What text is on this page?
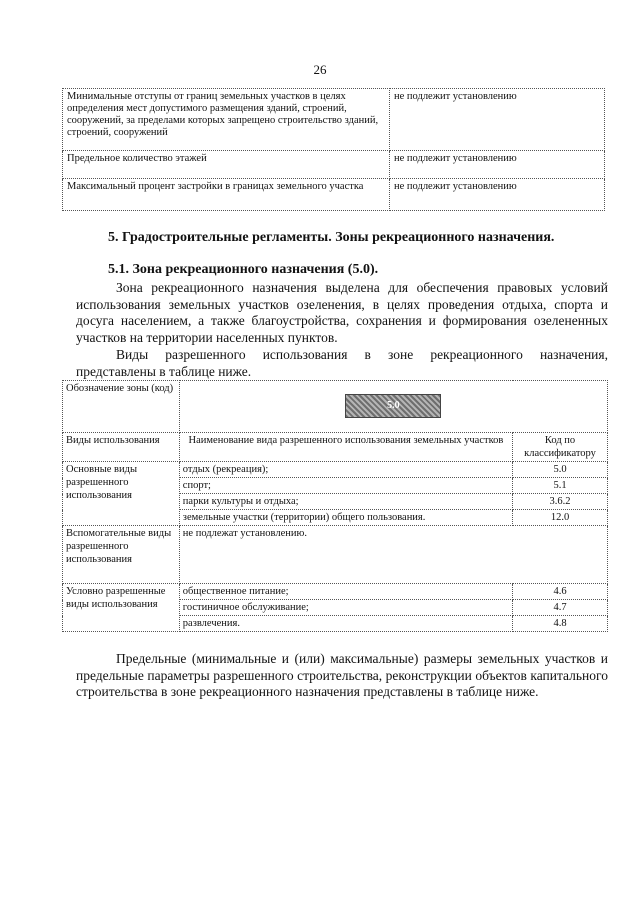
26
Минимальные отступы от границ земельных участков в целях определения мест допустимого размещения зданий, строений, сооружений, за пределами которых запрещено строительство зданий, строений, сооружений	не подлежит установлению
Предельное количество этажей	не подлежит установлению
Максимальный процент застройки в границах земельного участка	не подлежит установлению
5. Градостроительные регламенты. Зоны рекреационного назначения.
5.1. Зона рекреационного назначения (5.0).
Зона рекреационного назначения выделена для обеспечения правовых условий использования земельных участков озеленения, в целях проведения отдыха, спорта и досуга населением, а также благоустройства, сохранения и формирования озелененных участков на территории населенных пунктов.
Виды разрешенного использования в зоне рекреационного назначения, представлены в таблице ниже.
Обозначение зоны (код)	5.0	
Виды использования	Наименование вида разрешенного использования земельных участков	Код по классификатору
Основные виды разрешенного использования	отдых (рекреация);	5.0
	спорт;	5.1
	парки культуры и отдыха;	3.6.2
	земельные участки (территории) общего пользования.	12.0
Вспомогательные виды разрешенного использования	не подлежат установлению.	
Условно разрешенные виды использования	общественное питание;	4.6
	гостиничное обслуживание;	4.7
	развлечения.	4.8
Предельные (минимальные и (или) максимальные) размеры земельных участков и предельные параметры разрешенного строительства, реконструкции объектов капитального строительства в зоне рекреационного назначения представлены в таблице ниже.
